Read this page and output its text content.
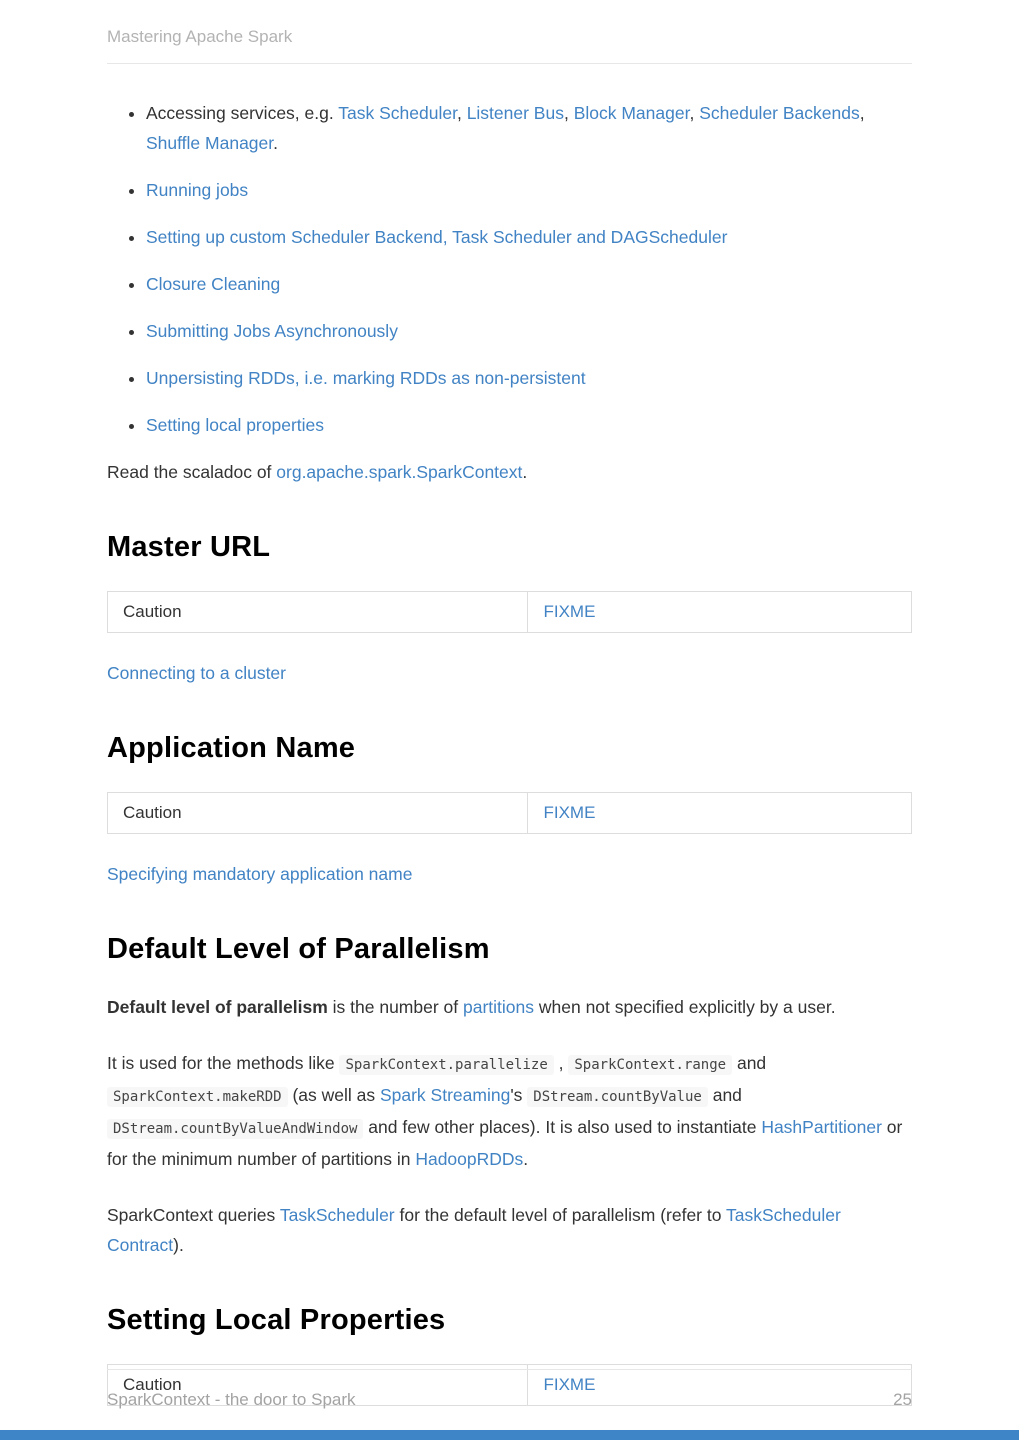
Mastering Apache Spark
• Accessing services, e.g. Task Scheduler, Listener Bus, Block Manager, Scheduler Backends, Shuffle Manager.
• Running jobs
• Setting up custom Scheduler Backend, Task Scheduler and DAGScheduler
• Closure Cleaning
• Submitting Jobs Asynchronously
• Unpersisting RDDs, i.e. marking RDDs as non-persistent
• Setting local properties

Read the scaladoc of org.apache.spark.SparkContext.

Master URL
Caution	FIXME

Connecting to a cluster

Application Name
Caution	FIXME

Specifying mandatory application name

Default Level of Parallelism

Default level of parallelism is the number of partitions when not specified explicitly by a user.

It is used for the methods like SparkContext.parallelize , SparkContext.range and SparkContext.makeRDD (as well as Spark Streaming's DStream.countByValue and DStream.countByValueAndWindow and few other places). It is also used to instantiate HashPartitioner or for the minimum number of partitions in HadoopRDDs.

SparkContext queries TaskScheduler for the default level of parallelism (refer to TaskScheduler Contract).

Setting Local Properties
Caution	FIXME
SparkContext - the door to Spark	25
